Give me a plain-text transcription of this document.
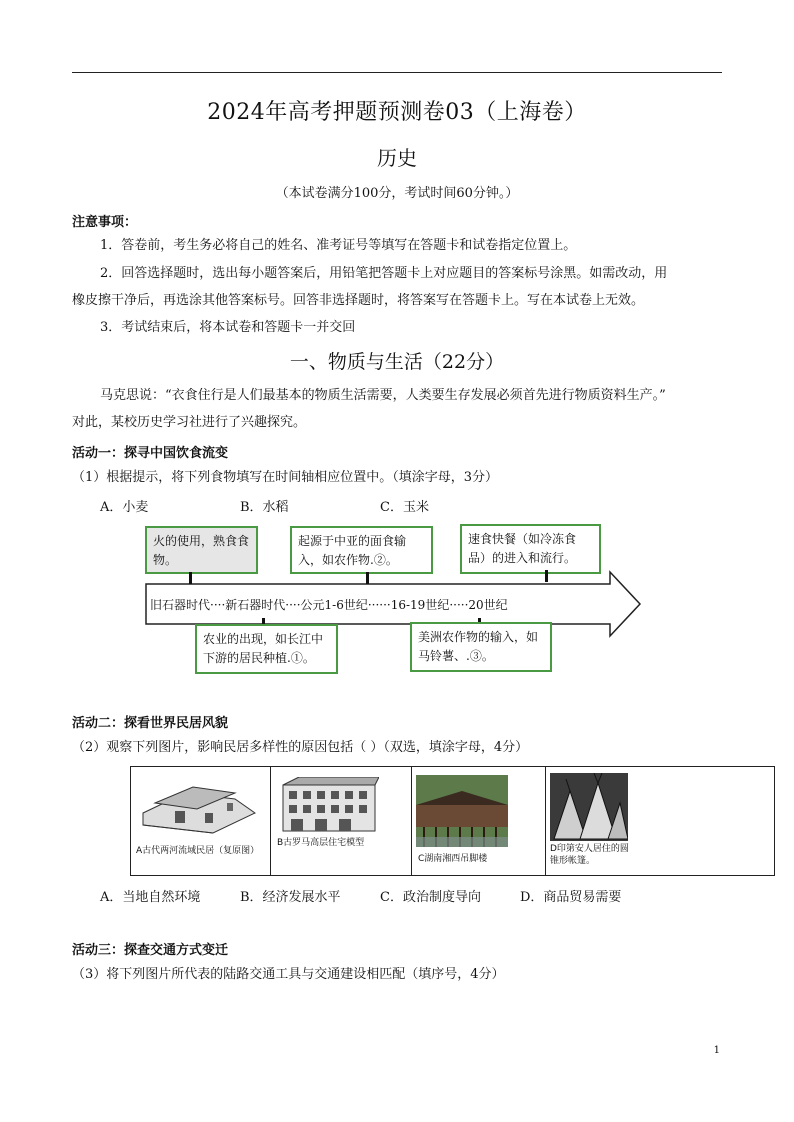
2024年高考押题预测卷03（上海卷）
历史
（本试卷满分100分，考试时间60分钟。）
注意事项：
1．答卷前，考生务必将自己的姓名、准考证号等填写在答题卡和试卷指定位置上。
2．回答选择题时，选出每小题答案后，用铅笔把答题卡上对应题目的答案标号涂黑。如需改动，用
橡皮擦干净后，再选涂其他答案标号。回答非选择题时，将答案写在答题卡上。写在本试卷上无效。
3．考试结束后，将本试卷和答题卡一并交回
一、物质与生活（22分）
马克思说：“衣食住行是人们最基本的物质生活需要，人类要生存发展必须首先进行物质资料生产。”
对此，某校历史学习社进行了兴趣探究。
活动一：探寻中国饮食流变
（1）根据提示，将下列食物填写在时间轴相应位置中。（填涂字母，3分）
A．小麦	B．水稻	C．玉米
旧石器时代····新石器时代····公元1-6世纪······16-19世纪·····20世纪
火的使用，熟食食物。
起源于中亚的面食输入，如农作物.②。
速食快餐（如冷冻食品）的进入和流行。
农业的出现，如长江中下游的居民种植.①。
美洲农作物的输入，如马铃薯、.③。
活动二：探看世界民居风貌
（2）观察下列图片，影响民居多样性的原因包括（ ）（双选，填涂字母，4分）
A古代两河流域民居（复原图）
B古罗马高层住宅模型
C湖南湘西吊脚楼
D印第安人居住的圆锥形帐篷。
A．当地自然环境	B．经济发展水平	C．政治制度导向	D．商品贸易需要
活动三：探查交通方式变迁
（3）将下列图片所代表的陆路交通工具与交通建设相匹配（填序号，4分）
1
